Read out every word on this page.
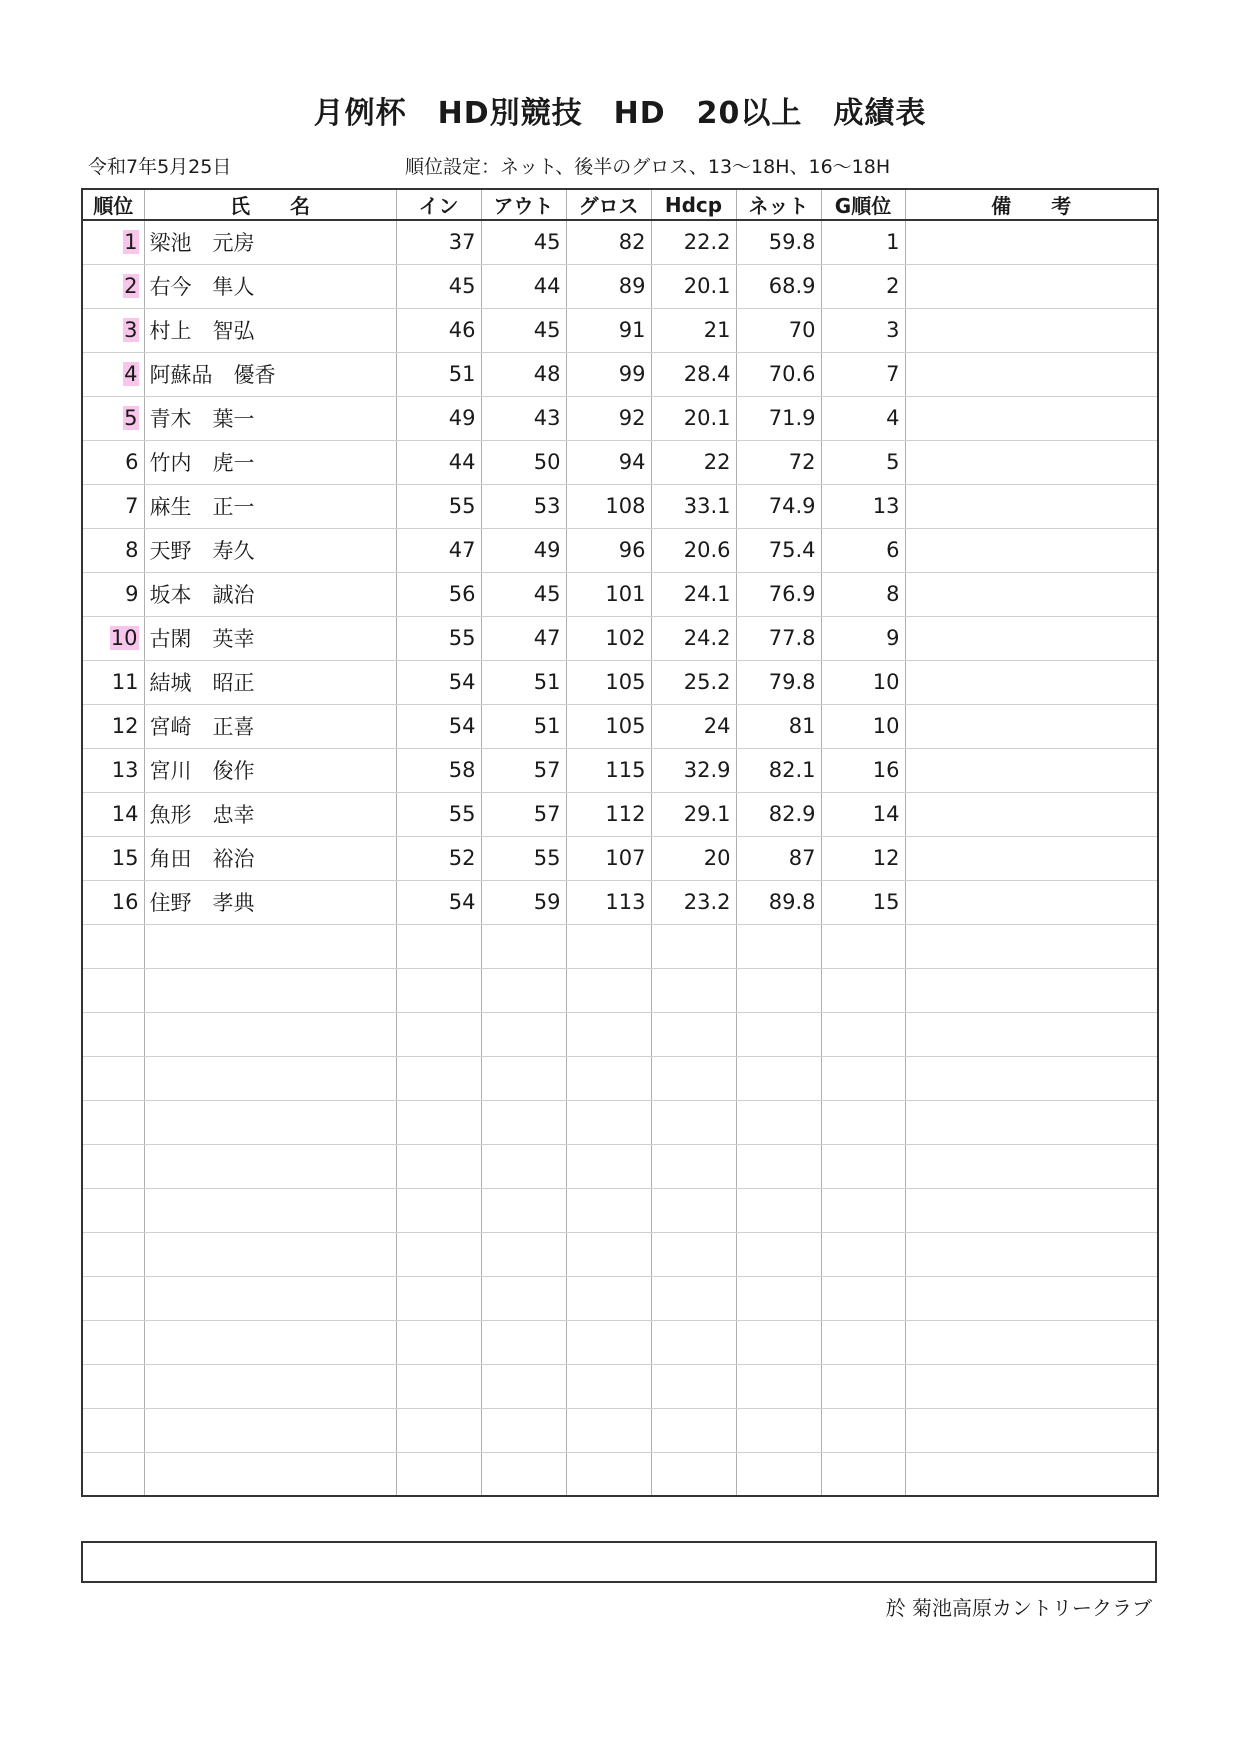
月例杯　HD別競技　HD　20以上　成績表
令和7年5月25日	順位設定：ネット、後半のグロス、13～18H、16～18H
順位	氏　　名	イン	アウト	グロス	Hdcp	ネット	G順位	備　　考
1	梁池　元房	37	45	82	22.2	59.8	1	
2	右今　隼人	45	44	89	20.1	68.9	2	
3	村上　智弘	46	45	91	21	70	3	
4	阿蘇品　優香	51	48	99	28.4	70.6	7	
5	青木　葉一	49	43	92	20.1	71.9	4	
6	竹内　虎一	44	50	94	22	72	5	
7	麻生　正一	55	53	108	33.1	74.9	13	
8	天野　寿久	47	49	96	20.6	75.4	6	
9	坂本　誠治	56	45	101	24.1	76.9	8	
10	古閑　英幸	55	47	102	24.2	77.8	9	
11	結城　昭正	54	51	105	25.2	79.8	10	
12	宮崎　正喜	54	51	105	24	81	10	
13	宮川　俊作	58	57	115	32.9	82.1	16	
14	魚形　忠幸	55	57	112	29.1	82.9	14	
15	角田　裕治	52	55	107	20	87	12	
16	住野　孝典	54	59	113	23.2	89.8	15	

於 菊池高原カントリークラブ
